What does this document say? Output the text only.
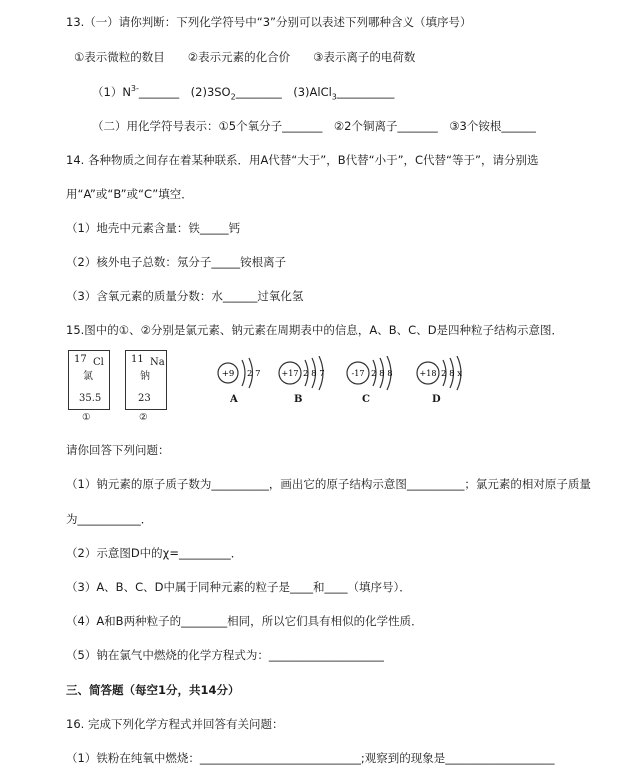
13.（一）请你判断：下列化学符号中“3”分别可以表述下列哪种含义（填序号）
①表示微粒的数目　　②表示元素的化合价　　③表示离子的电荷数
$(1)N^{3-}\_\_\_\_\_\_\_$　$(2)3SO_2\_\_\_\_\_\_\_\_$　(3)AlCl$_3$__________
（二）用化学符号表示：①5个氧分子_______　②2个铜离子_______　③3个铵根______
14. 各种物质之间存在着某种联系．用A代替“大于”，B代替“小于”，C代替“等于”，请分别选
用“A”或“B”或“C”填空．
（1）地壳中元素含量：铁_____钙
（2）核外电子总数：氖分子_____铵根离子
（3）含氧元素的质量分数：水______过氧化氢
15.图中的①、②分别是氯元素、钠元素在周期表中的信息，A、B、C、D是四种粒子结构示意图．
17 Cl
氯
35.5
①
11 Na
钠
23
②
+9 2 7
A
+17 2 8 7
B
-17 2 8 8
C
+18 2 8 x
D
请你回答下列问题：
（1）钠元素的原子质子数为__________，画出它的原子结构示意图__________；氯元素的相对原子质量
为___________．
（2）示意图D中的χ=_________．
（3）A、B、C、D中属于同种元素的粒子是____和____（填序号）．
（4）A和B两种粒子的________相同，所以它们具有相似的化学性质．
（5）钠在氯气中燃烧的化学方程式为：____________________
三、简答题（每空1分，共14分）
16. 完成下列化学方程式并回答有关问题：
（1）铁粉在纯氧中燃烧：____________________________;观察到的现象是___________________
